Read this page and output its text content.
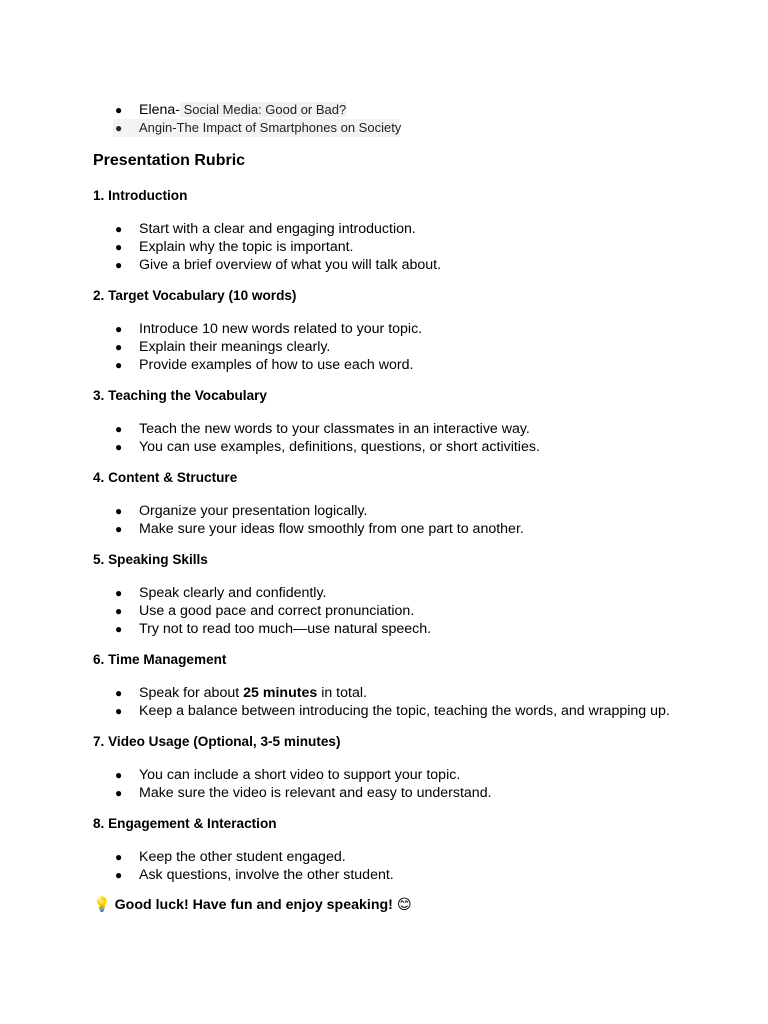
● Elena- Social Media: Good or Bad?
● Angin-The Impact of Smartphones on Society
Presentation Rubric
1. Introduction
● Start with a clear and engaging introduction.
● Explain why the topic is important.
● Give a brief overview of what you will talk about.
2. Target Vocabulary (10 words)
● Introduce 10 new words related to your topic.
● Explain their meanings clearly.
● Provide examples of how to use each word.
3. Teaching the Vocabulary
● Teach the new words to your classmates in an interactive way.
● You can use examples, definitions, questions, or short activities.
4. Content & Structure
● Organize your presentation logically.
● Make sure your ideas flow smoothly from one part to another.
5. Speaking Skills
● Speak clearly and confidently.
● Use a good pace and correct pronunciation.
● Try not to read too much—use natural speech.
6. Time Management
● Speak for about 25 minutes in total.
● Keep a balance between introducing the topic, teaching the words, and wrapping up.
7. Video Usage (Optional, 3-5 minutes)
● You can include a short video to support your topic.
● Make sure the video is relevant and easy to understand.
8. Engagement & Interaction
● Keep the other student engaged.
● Ask questions, involve the other student.

💡 Good luck! Have fun and enjoy speaking! 😊
